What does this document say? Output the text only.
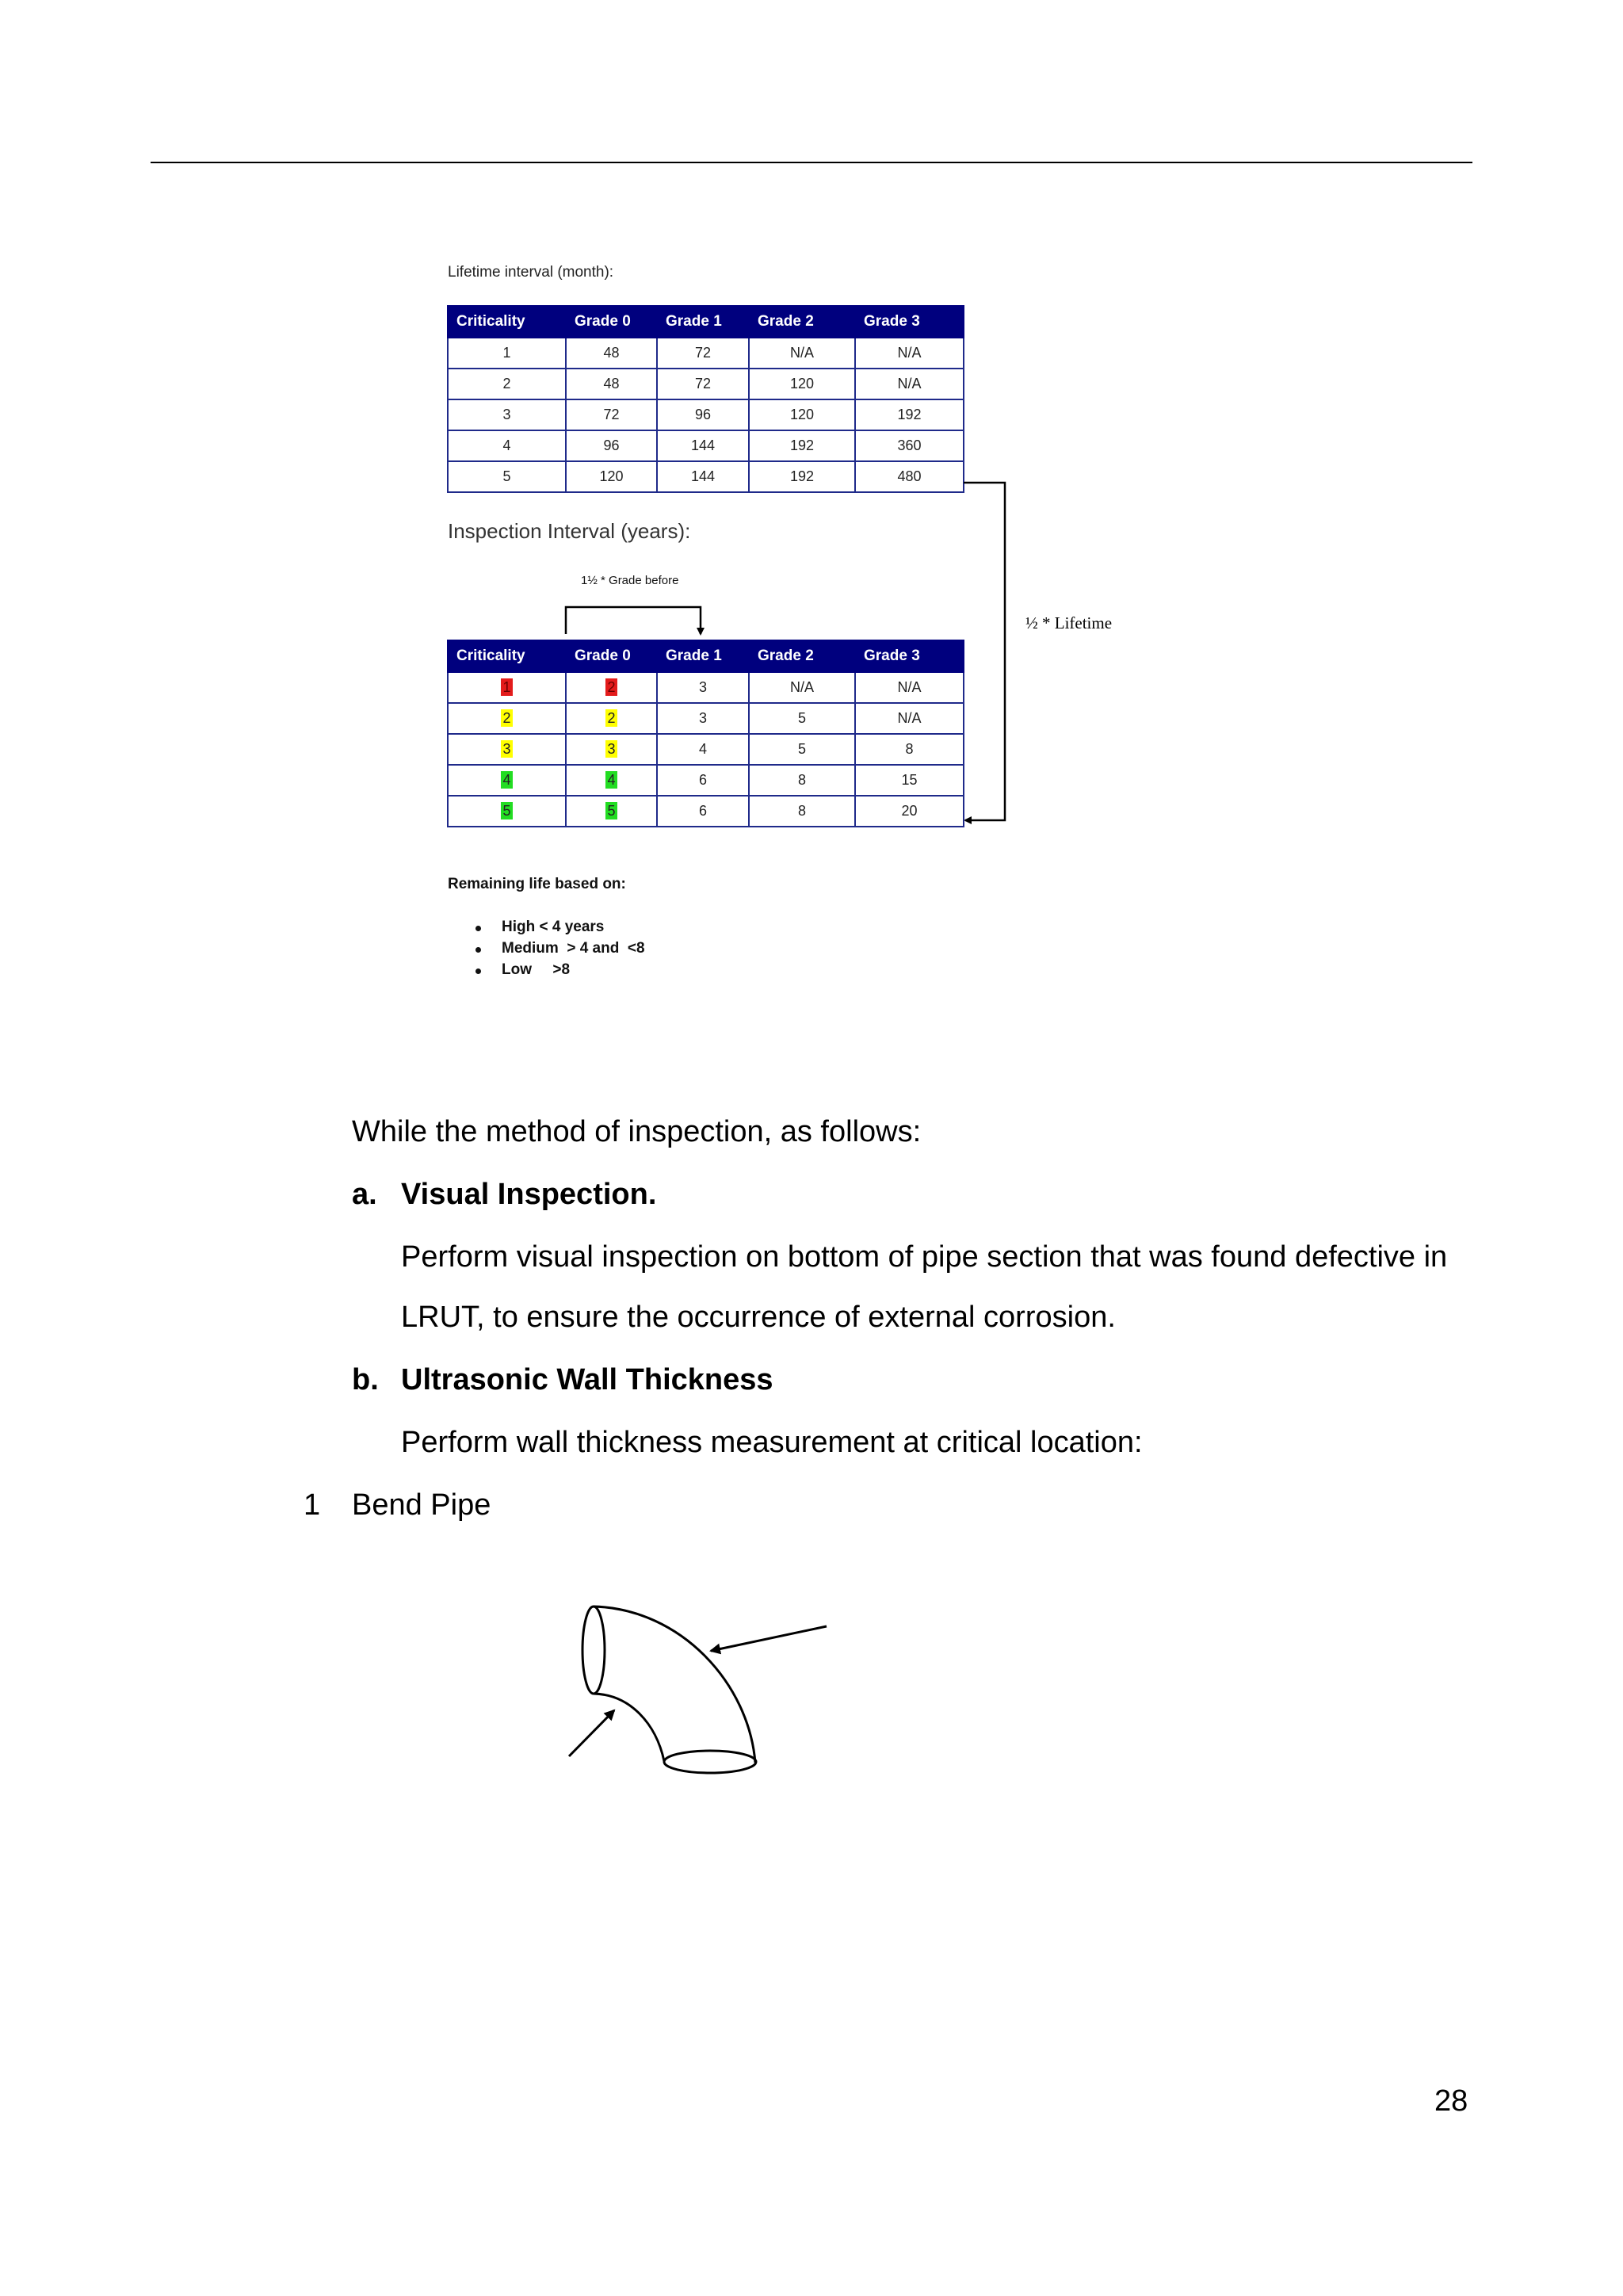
Lifetime interval (month):
Criticality	Grade 0	Grade 1	Grade 2	Grade 3
1	48	72	N/A	N/A
2	48	72	120	N/A
3	72	96	120	192
4	96	144	192	360
5	120	144	192	480
Inspection Interval (years):
1½ * Grade before
½ * Lifetime
Criticality	Grade 0	Grade 1	Grade 2	Grade 3
1	2	3	N/A	N/A
2	2	3	5	N/A
3	3	4	5	8
4	4	6	8	15
5	5	6	8	20
Remaining life based on:
High < 4 years
Medium  > 4 and  <8
Low     >8
While the method of inspection, as follows:
a. Visual Inspection.
Perform visual inspection on bottom of pipe section that was found defective in
LRUT, to ensure the occurrence of external corrosion.
b. Ultrasonic Wall Thickness
Perform wall thickness measurement at critical location:
1 Bend Pipe
28
